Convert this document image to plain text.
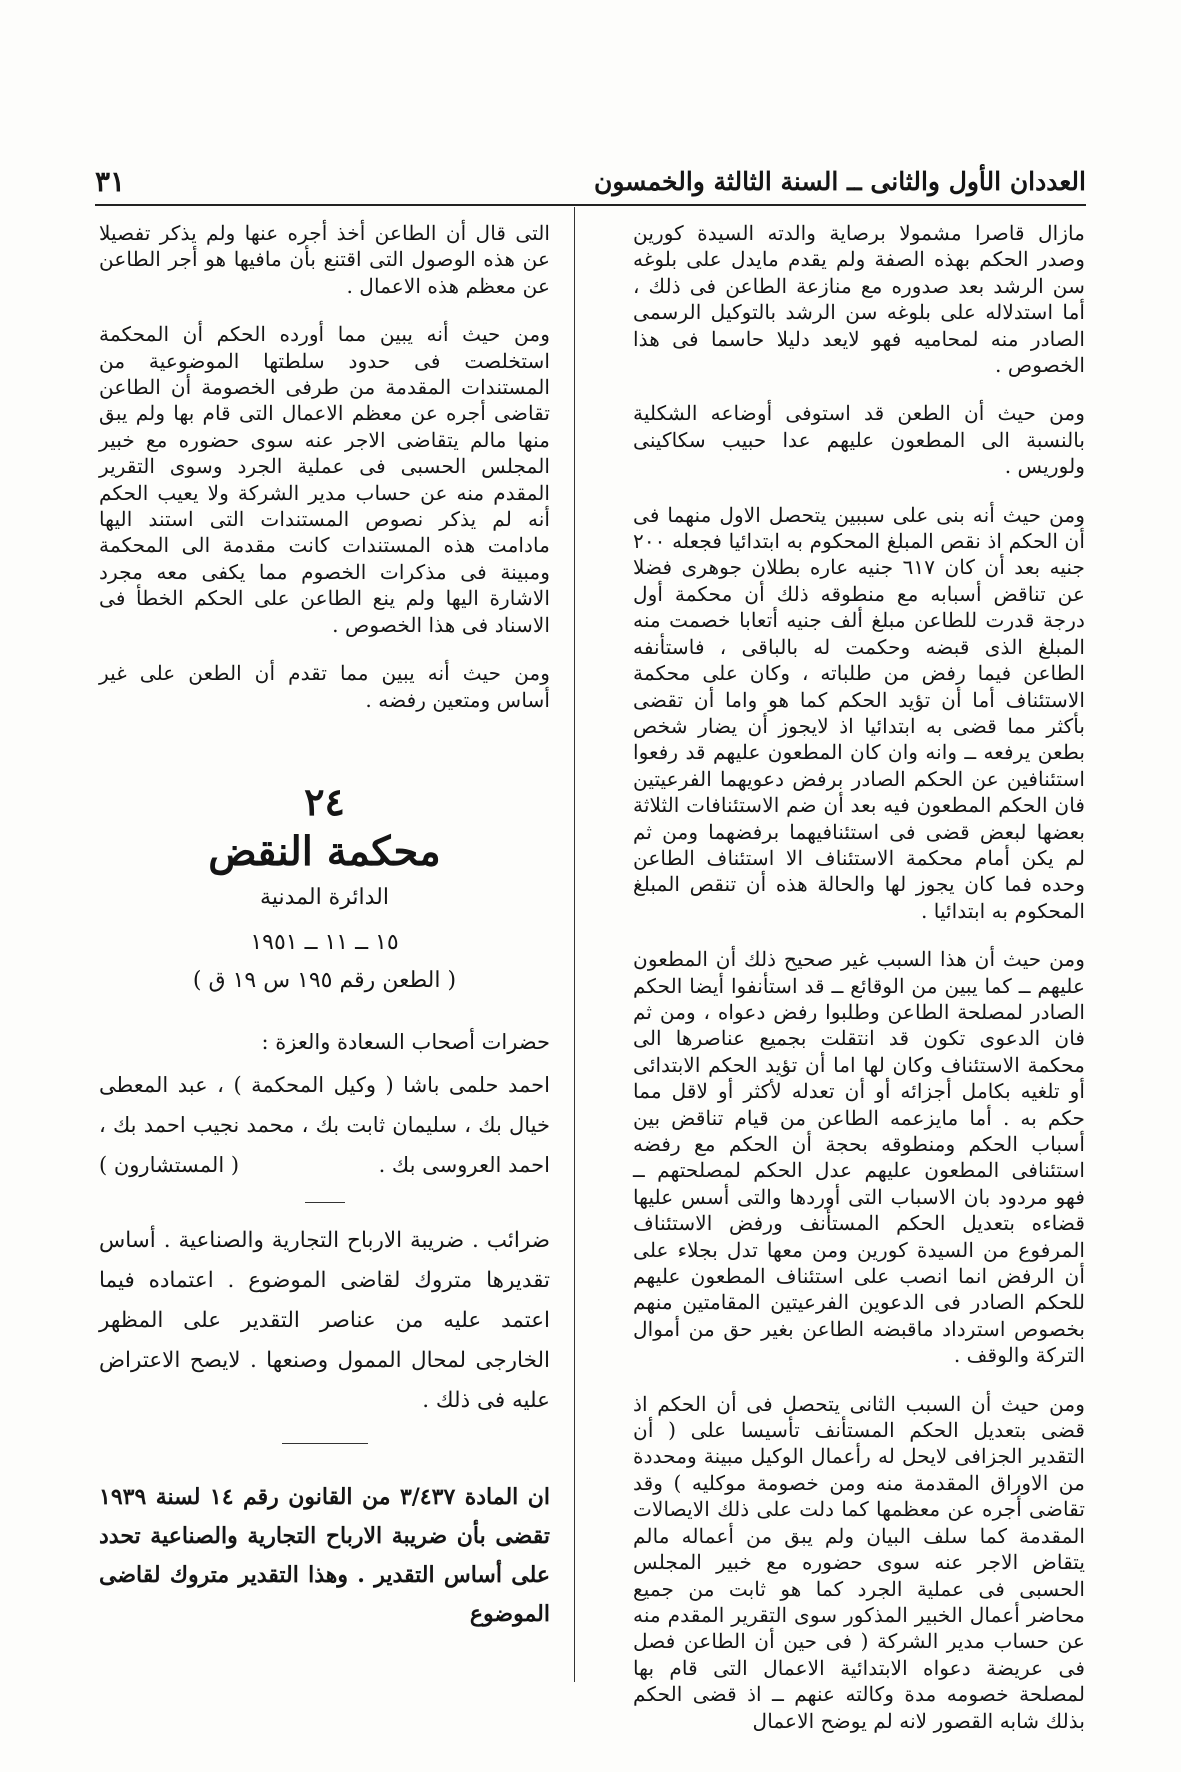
العددان الأول والثانى ــ السنة الثالثة والخمسون
٣١

مازال قاصرا مشمولا برصاية والدته السيدة كورين وصدر الحكم بهذه الصفة ولم يقدم مايدل على بلوغه سن الرشد بعد صدوره مع منازعة الطاعن فى ذلك ، أما استدلاله على بلوغه سن الرشد بالتوكيل الرسمى الصادر منه لمحاميه فهو لايعد دليلا حاسما فى هذا الخصوص .

ومن حيث أن الطعن قد استوفى أوضاعه الشكلية بالنسبة الى المطعون عليهم عدا حبيب سكاكينى ولوريس .

ومن حيث أنه بنى على سببين يتحصل الاول منهما فى أن الحكم اذ نقص المبلغ المحكوم به ابتدائيا فجعله ٢٠٠ جنيه بعد أن كان ٦١٧ جنيه عاره بطلان جوهرى فضلا عن تناقض أسبابه مع منطوقه ذلك أن محكمة أول درجة قدرت للطاعن مبلغ ألف جنيه أتعابا خصمت منه المبلغ الذى قبضه وحكمت له بالباقى ، فاستأنفه الطاعن فيما رفض من طلباته ، وكان على محكمة الاستئناف أما أن تؤيد الحكم كما هو واما أن تقضى بأكثر مما قضى به ابتدائيا اذ لايجوز أن يضار شخص بطعن يرفعه ــ وانه وان كان المطعون عليهم قد رفعوا استئنافين عن الحكم الصادر برفض دعويهما الفرعيتين فان الحكم المطعون فيه بعد أن ضم الاستئنافات الثلاثة بعضها لبعض قضى فى استئنافيهما برفضهما ومن ثم لم يكن أمام محكمة الاستئناف الا استئناف الطاعن وحده فما كان يجوز لها والحالة هذه أن تنقص المبلغ المحكوم به ابتدائيا .

ومن حيث أن هذا السبب غير صحيح ذلك أن المطعون عليهم ــ كما يبين من الوقائع ــ قد استأنفوا أيضا الحكم الصادر لمصلحة الطاعن وطلبوا رفض دعواه ، ومن ثم فان الدعوى تكون قد انتقلت بجميع عناصرها الى محكمة الاستئناف وكان لها اما أن تؤيد الحكم الابتدائى أو تلغيه بكامل أجزائه أو أن تعدله لأكثر أو لاقل مما حكم به . أما مايزعمه الطاعن من قيام تناقض بين أسباب الحكم ومنطوقه بحجة أن الحكم مع رفضه استئنافى المطعون عليهم عدل الحكم لمصلحتهم ــ فهو مردود بان الاسباب التى أوردها والتى أسس عليها قضاءه بتعديل الحكم المستأنف ورفض الاستئناف المرفوع من السيدة كورين ومن معها تدل بجلاء على أن الرفض انما انصب على استئناف المطعون عليهم للحكم الصادر فى الدعوين الفرعيتين المقامتين منهم بخصوص استرداد ماقبضه الطاعن بغير حق من أموال التركة والوقف .

ومن حيث أن السبب الثانى يتحصل فى أن الحكم اذ قضى بتعديل الحكم المستأنف تأسيسا على ( أن التقدير الجزافى لايحل له رأعمال الوكيل مبينة ومحددة من الاوراق المقدمة منه ومن خصومة موكليه ) وقد تقاضى أجره عن معظمها كما دلت على ذلك الايصالات المقدمة كما سلف البيان ولم يبق من أعماله مالم يتقاض الاجر عنه سوى حضوره مع خبير المجلس الحسبى فى عملية الجرد كما هو ثابت من جميع محاضر أعمال الخبير المذكور سوى التقرير المقدم منه عن حساب مدير الشركة ( فى حين أن الطاعن فصل فى عريضة دعواه الابتدائية الاعمال التى قام بها لمصلحة خصومه مدة وكالته عنهم ــ اذ قضى الحكم بذلك شابه القصور لانه لم يوضح الاعمال

التى قال أن الطاعن أخذ أجره عنها ولم يذكر تفصيلا عن هذه الوصول التى اقتنع بأن مافيها هو أجر الطاعن عن معظم هذه الاعمال .

ومن حيث أنه يبين مما أورده الحكم أن المحكمة استخلصت فى حدود سلطتها الموضوعية من المستندات المقدمة من طرفى الخصومة أن الطاعن تقاضى أجره عن معظم الاعمال التى قام بها ولم يبق منها مالم يتقاضى الاجر عنه سوى حضوره مع خبير المجلس الحسبى فى عملية الجرد وسوى التقرير المقدم منه عن حساب مدير الشركة ولا يعيب الحكم أنه لم يذكر نصوص المستندات التى استند اليها مادامت هذه المستندات كانت مقدمة الى المحكمة ومبينة فى مذكرات الخصوم مما يكفى معه مجرد الاشارة اليها ولم ينع الطاعن على الحكم الخطأ فى الاسناد فى هذا الخصوص .

ومن حيث أنه يبين مما تقدم أن الطعن على غير أساس ومتعين رفضه .

٢٤
محكمة النقض
الدائرة المدنية
١٥ ــ ١١ ــ ١٩٥١
( الطعن رقم ١٩٥ س ١٩ ق )
حضرات أصحاب السعادة والعزة :
احمد حلمى باشا ( وكيل المحكمة ) ، عبد المعطى خيال بك ، سليمان ثابت بك ، محمد نجيب احمد بك ، احمد العروسى بك .
( المستشارون )

ضرائب . ضريبة الارباح التجارية والصناعية . أساس تقديرها متروك لقاضى الموضوع . اعتماده فيما اعتمد عليه من عناصر التقدير على المظهر الخارجى لمحال الممول وصنعها . لايصح الاعتراض عليه فى ذلك .

ان المادة ٣/٤٣٧ من القانون رقم ١٤ لسنة ١٩٣٩ تقضى بأن ضريبة الارباح التجارية والصناعية تحدد على أساس التقدير . وهذا التقدير متروك لقاضى الموضوع
